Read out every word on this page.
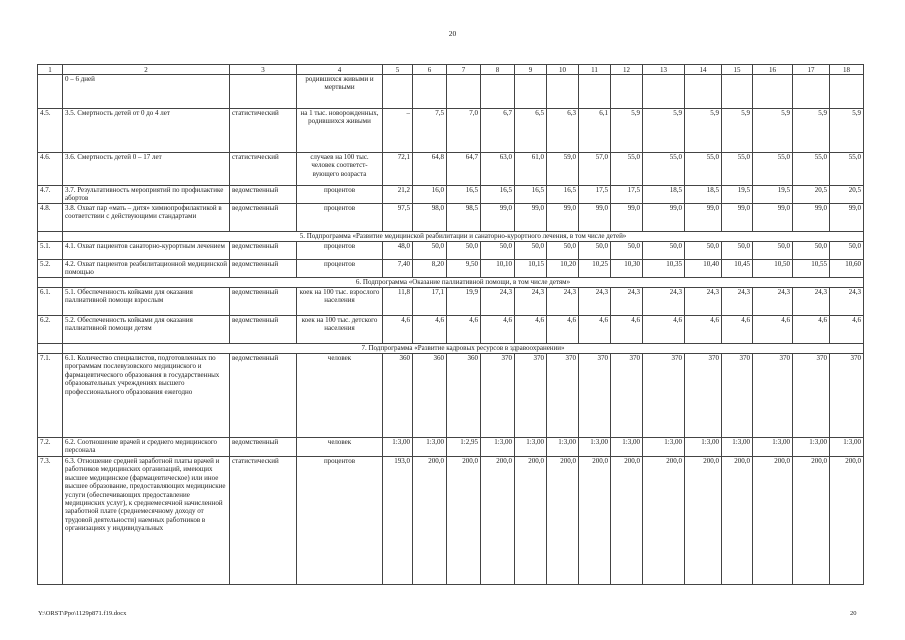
20
1	2	3	4	5	6	7	8	9	10	11	12	13	14	15	16	17	18
	0 – 6 дней		родившихся живыми и мертвыми														
4.5.	3.5. Смертность детей от 0 до 4 лет	статистический	на 1 тыс. новорожденных, родившихся живыми	–	7,5	7,0	6,7	6,5	6,3	6,1	5,9	5,9	5,9	5,9	5,9	5,9	5,9
4.6.	3.6. Смертность детей 0 – 17 лет	статистический	случаев на 100 тыс. человек соответст-вующего возраста	72,1	64,8	64,7	63,0	61,0	59,0	57,0	55,0	55,0	55,0	55,0	55,0	55,0	55,0
4.7.	3.7. Результативность мероприятий по профилактике абортов	ведомственный	процентов	21,2	16,0	16,5	16,5	16,5	16,5	17,5	17,5	18,5	18,5	19,5	19,5	20,5	20,5
4.8.	3.8. Охват пар «мать – дитя» химиопрофилактикой в соответствии с действующими стандартами	ведомственный	процентов	97,5	98,0	98,5	99,0	99,0	99,0	99,0	99,0	99,0	99,0	99,0	99,0	99,0	99,0
	5. Подпрограмма «Развитие медицинской реабилитации и санаторно-курортного лечения, в том числе детей»																
5.1.	4.1. Охват пациентов санаторно-курортным лечением	ведомственный	процентов	48,0	50,0	50,0	50,0	50,0	50,0	50,0	50,0	50,0	50,0	50,0	50,0	50,0	50,0
5.2.	4.2. Охват пациентов реабилитационной медицинской помощью	ведомственный	процентов	7,40	8,20	9,50	10,10	10,15	10,20	10,25	10,30	10,35	10,40	10,45	10,50	10,55	10,60
	6. Подпрограмма «Оказание паллиативной помощи, в том числе детям»																
6.1.	5.1. Обеспеченность койками для оказания паллиативной помощи взрослым	ведомственный	коек на 100 тыс. взрослого населения	11,8	17,1	19,9	24,3	24,3	24,3	24,3	24,3	24,3	24,3	24,3	24,3	24,3	24,3
6.2.	5.2. Обеспеченность койками для оказания паллиативной помощи детям	ведомственный	коек на 100 тыс. детского населения	4,6	4,6	4,6	4,6	4,6	4,6	4,6	4,6	4,6	4,6	4,6	4,6	4,6	4,6
	7. Подпрограмма «Развитие кадровых ресурсов в здравоохранении»																
7.1.	6.1. Количество специалистов, подготовленных по программам послевузовского медицинского и фармацевтического образования в государственных образовательных учреждениях высшего профессионального образования ежегодно	ведомственный	человек	360	360	360	370	370	370	370	370	370	370	370	370	370	370
7.2.	6.2. Соотношение врачей и среднего медицинского персонала	ведомственный	человек	1:3,00	1:3,00	1:2,95	1:3,00	1:3,00	1:3,00	1:3,00	1:3,00	1:3,00	1:3,00	1:3,00	1:3,00	1:3,00	1:3,00
7.3.	6.3. Отношение средней заработной платы врачей и работников медицинских организаций, имеющих высшее медицинское (фармацевтическое) или иное высшее образование, предоставляющих медицинские услуги (обеспечивающих предоставление медицинских услуг), к среднемесячной начисленной заработной плате (среднемесячному доходу от трудовой деятельности) наемных работников в организациях у индивидуальных	статистический	процентов	193,0	200,0	200,0	200,0	200,0	200,0	200,0	200,0	200,0	200,0	200,0	200,0	200,0	200,0
Y:\ORST\Ppo\1129p871.f19.docx	20
